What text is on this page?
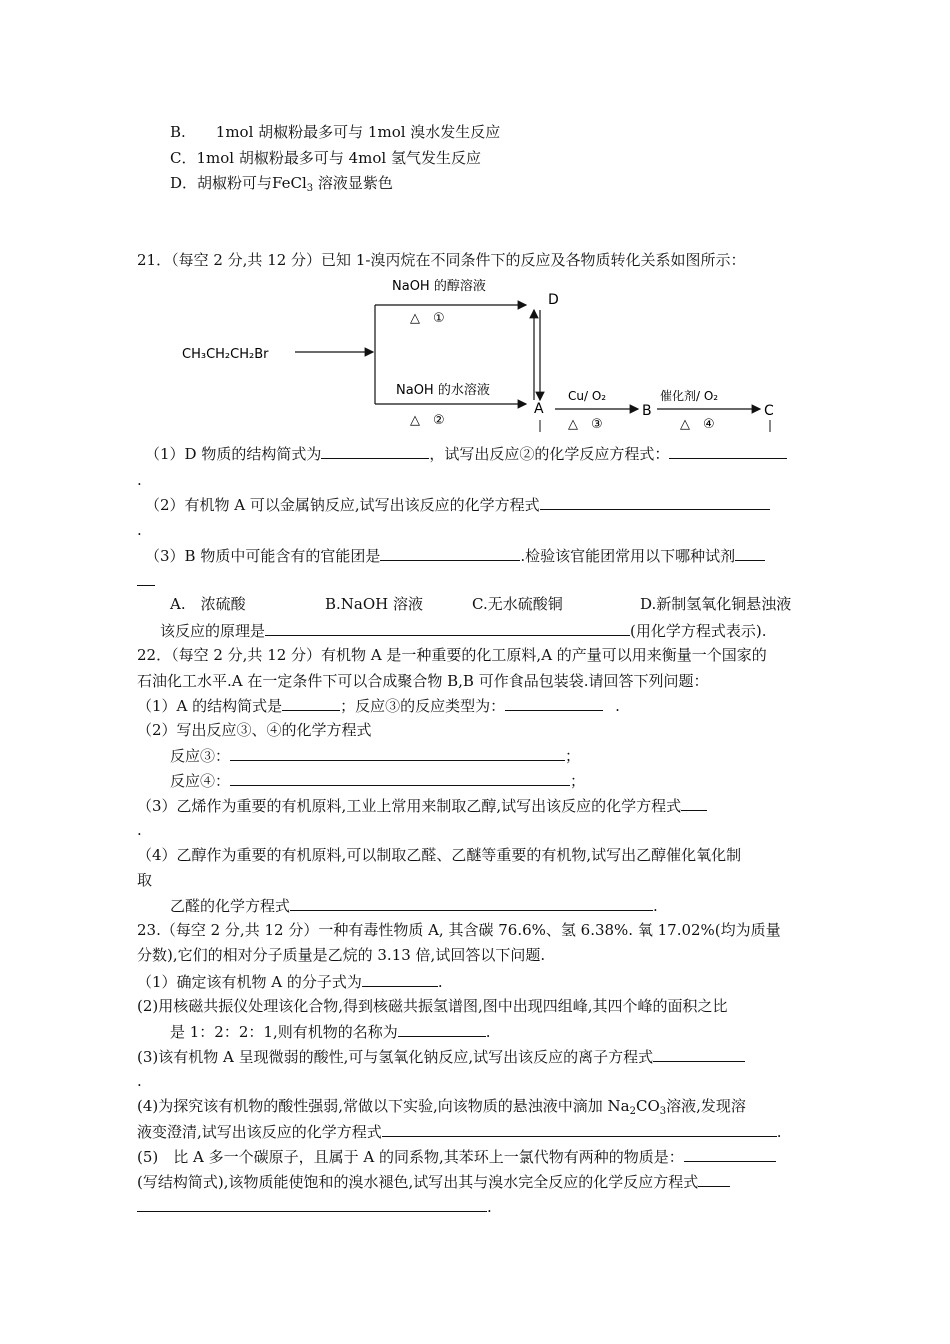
B.　　1mol 胡椒粉最多可与 1mol 溴水发生反应
C．1mol 胡椒粉最多可与 4mol 氢气发生反应
D．胡椒粉可与FeCl$_3$ 溶液显紫色
21．（每空 2 分,共 12 分）已知 1-溴丙烷在不同条件下的反应及各物质转化关系如图所示：
CH₃CH₂CH₂Br
NaOH 的醇溶液
△　①
NaOH 的水溶液
△　②
D
A
Cu/ O₂
△　③
B
催化剂/ O₂
△　④
C
（1）D 物质的结构简式为	，试写出反应②的化学反应方程式：
.
（2）有机物 A 可以金属钠反应,试写出该反应的化学方程式
.
（3）B 物质中可能含有的官能团是	.检验该官能团常用以下哪种试剂
A.　浓硫酸	B.NaOH 溶液	C.无水硫酸铜	D.新制氢氧化铜悬浊液
该反应的原理是	(用化学方程式表示).
22．（每空 2 分,共 12 分）有机物 A 是一种重要的化工原料,A 的产量可以用来衡量一个国家的
石油化工水平.A 在一定条件下可以合成聚合物 B,B 可作食品包装袋.请回答下列问题：
（1）A 的结构简式是	；反应③的反应类型为：	.
（2）写出反应③、④的化学方程式
反应③：	；
反应④：	；
（3）乙烯作为重要的有机原料,工业上常用来制取乙醇,试写出该反应的化学方程式
.
（4）乙醇作为重要的有机原料,可以制取乙醛、乙醚等重要的有机物,试写出乙醇催化氧化制
取
乙醛的化学方程式	.
23.（每空 2 分,共 12 分）一种有毒性物质 A, 其含碳 76.6%、氢 6.38%. 氧 17.02%(均为质量
分数),它们的相对分子质量是乙烷的 3.13 倍,试回答以下问题.
（1）确定该有机物 A 的分子式为	.
(2)用核磁共振仪处理该化合物,得到核磁共振氢谱图,图中出现四组峰,其四个峰的面积之比
是 1：2：2：1,则有机物的名称为	.
(3)该有机物 A 呈现微弱的酸性,可与氢氧化钠反应,试写出该反应的离子方程式
.
(4)为探究该有机物的酸性强弱,常做以下实验,向该物质的悬浊液中滴加 $Na_2CO_3$溶液,发现溶
液变澄清,试写出该反应的化学方程式	.
(5)　比 A 多一个碳原子，且属于 A 的同系物,其苯环上一氯代物有两种的物质是：
(写结构简式),该物质能使饱和的溴水褪色,试写出其与溴水完全反应的化学反应方程式
.
